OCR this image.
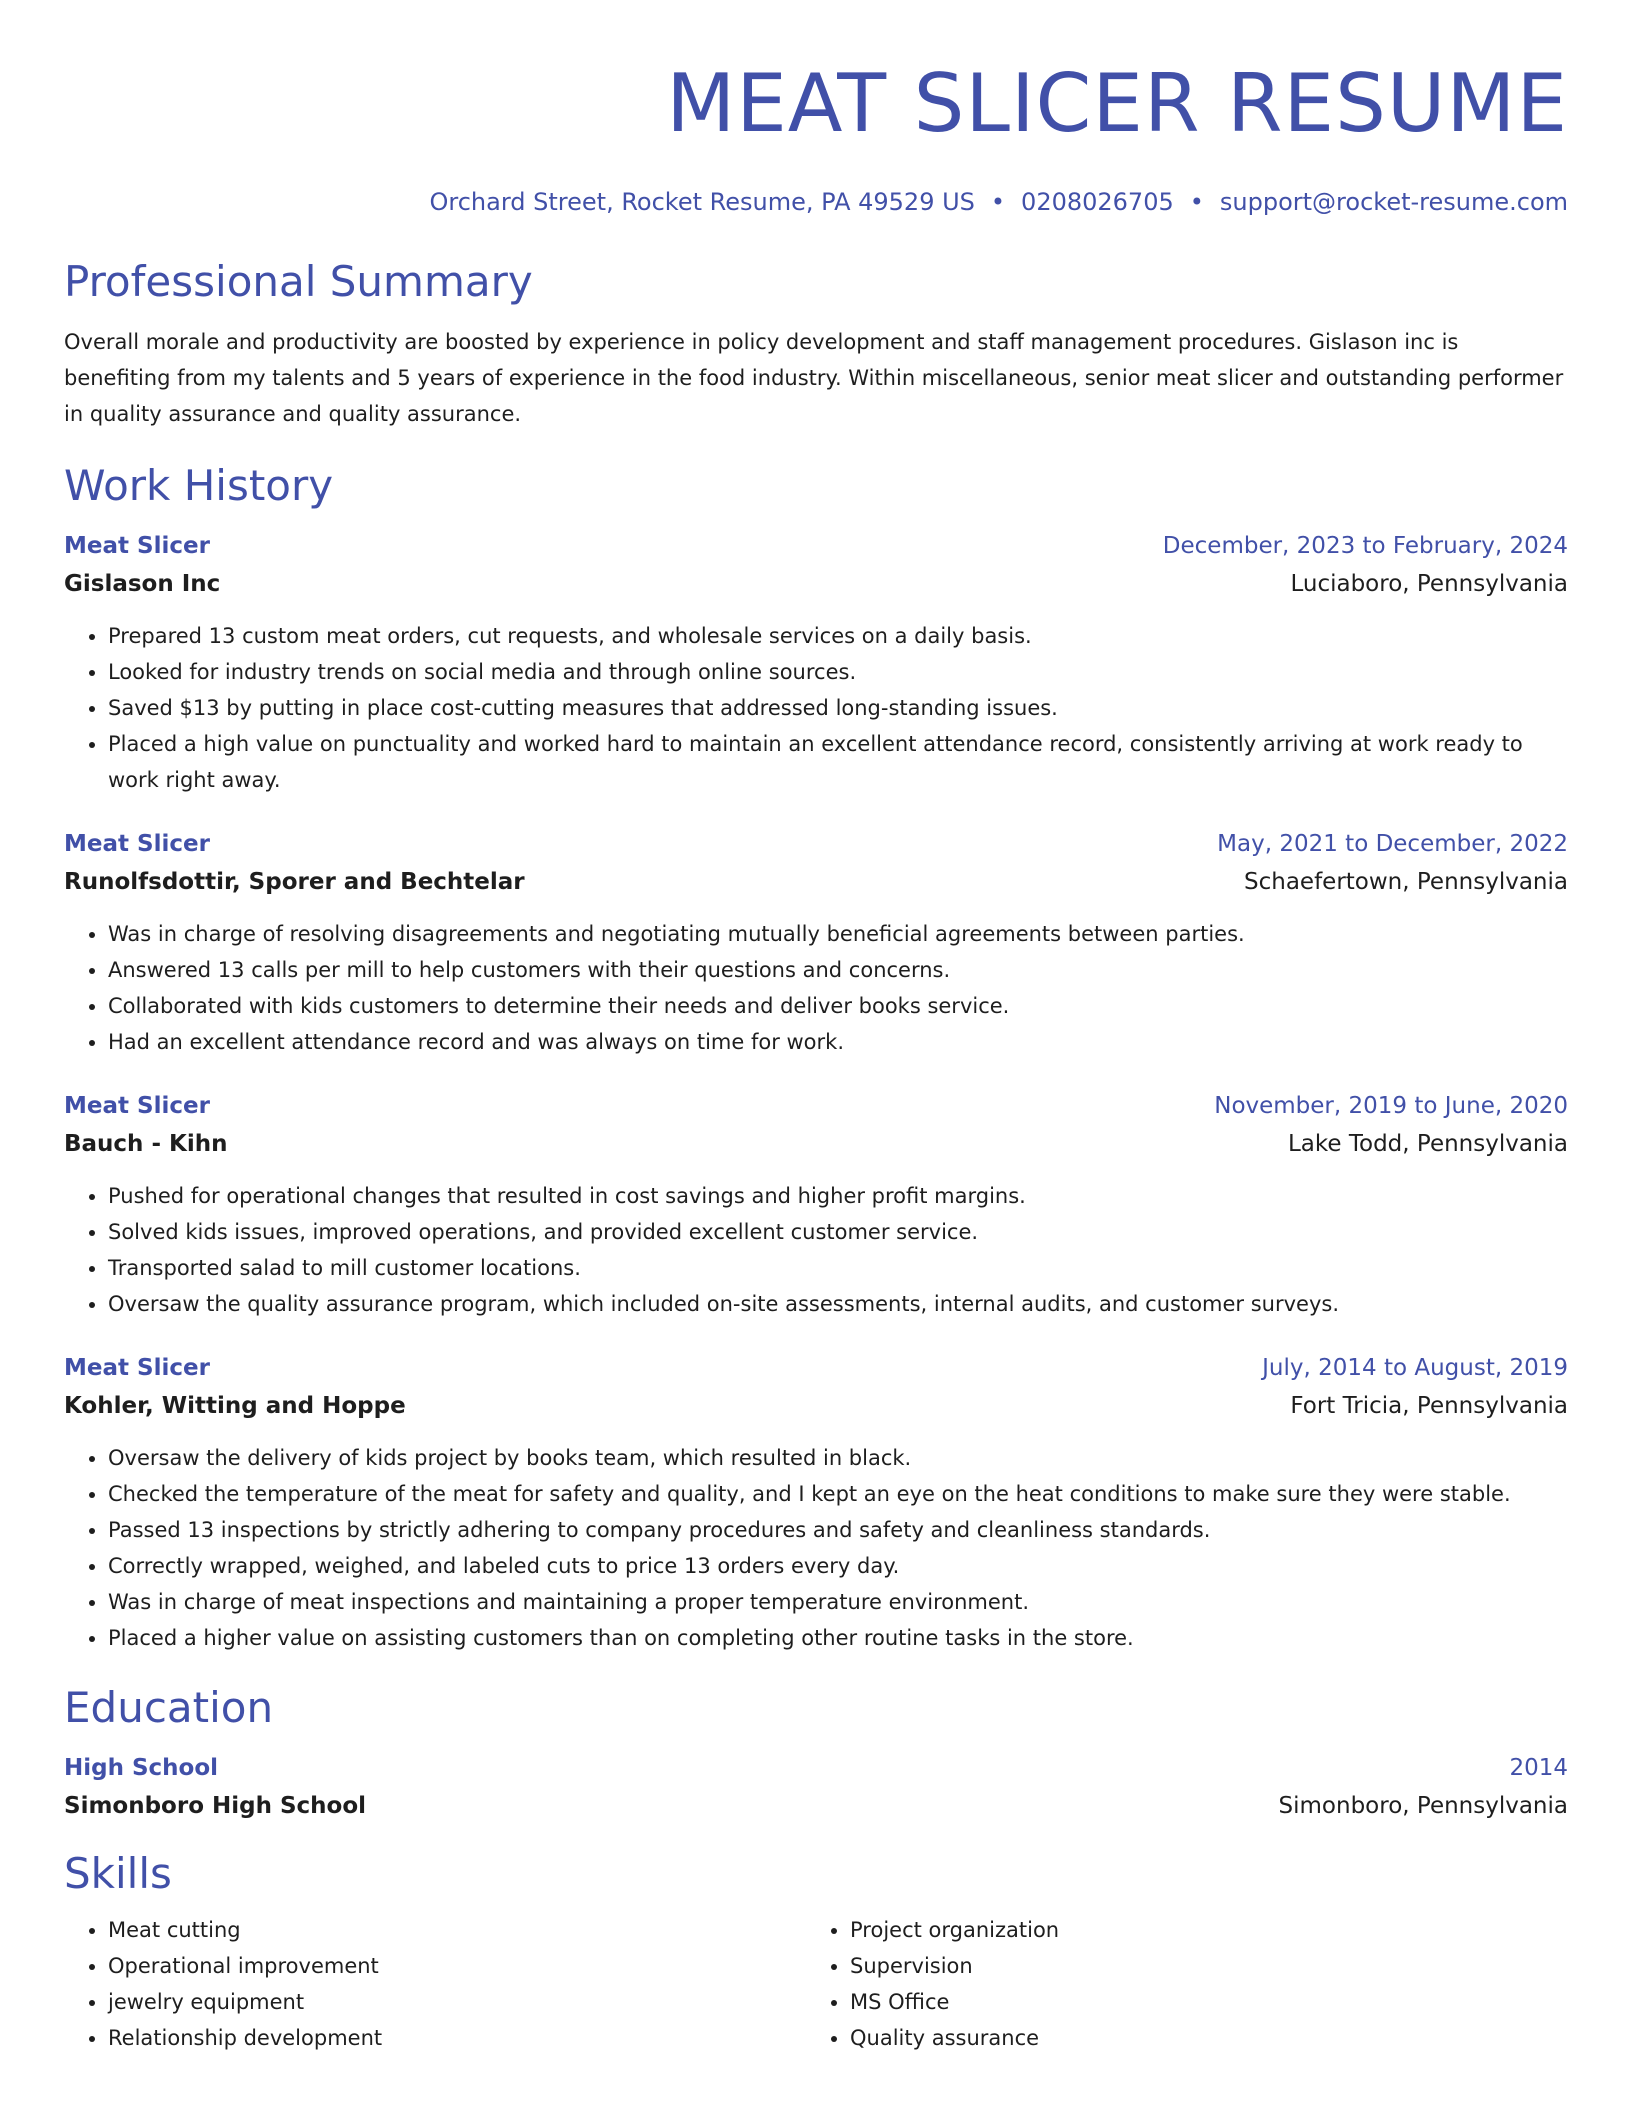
MEAT SLICER RESUME
Orchard Street, Rocket Resume, PA 49529 US • 0208026705 • support@rocket-resume.com
Professional Summary
Overall morale and productivity are boosted by experience in policy development and staff management procedures. Gislason inc is benefiting from my talents and 5 years of experience in the food industry. Within miscellaneous, senior meat slicer and outstanding performer in quality assurance and quality assurance.
Work History
Meat Slicer	December, 2023 to February, 2024
Gislason Inc	Luciaboro, Pennsylvania
• Prepared 13 custom meat orders, cut requests, and wholesale services on a daily basis.
• Looked for industry trends on social media and through online sources.
• Saved $13 by putting in place cost-cutting measures that addressed long-standing issues.
• Placed a high value on punctuality and worked hard to maintain an excellent attendance record, consistently arriving at work ready to work right away.
Meat Slicer	May, 2021 to December, 2022
Runolfsdottir, Sporer and Bechtelar	Schaefertown, Pennsylvania
• Was in charge of resolving disagreements and negotiating mutually beneficial agreements between parties.
• Answered 13 calls per mill to help customers with their questions and concerns.
• Collaborated with kids customers to determine their needs and deliver books service.
• Had an excellent attendance record and was always on time for work.
Meat Slicer	November, 2019 to June, 2020
Bauch - Kihn	Lake Todd, Pennsylvania
• Pushed for operational changes that resulted in cost savings and higher profit margins.
• Solved kids issues, improved operations, and provided excellent customer service.
• Transported salad to mill customer locations.
• Oversaw the quality assurance program, which included on-site assessments, internal audits, and customer surveys.
Meat Slicer	July, 2014 to August, 2019
Kohler, Witting and Hoppe	Fort Tricia, Pennsylvania
• Oversaw the delivery of kids project by books team, which resulted in black.
• Checked the temperature of the meat for safety and quality, and I kept an eye on the heat conditions to make sure they were stable.
• Passed 13 inspections by strictly adhering to company procedures and safety and cleanliness standards.
• Correctly wrapped, weighed, and labeled cuts to price 13 orders every day.
• Was in charge of meat inspections and maintaining a proper temperature environment.
• Placed a higher value on assisting customers than on completing other routine tasks in the store.
Education
High School	2014
Simonboro High School	Simonboro, Pennsylvania
Skills
• Meat cutting
• Operational improvement
• jewelry equipment
• Relationship development
• Project organization
• Supervision
• MS Office
• Quality assurance
